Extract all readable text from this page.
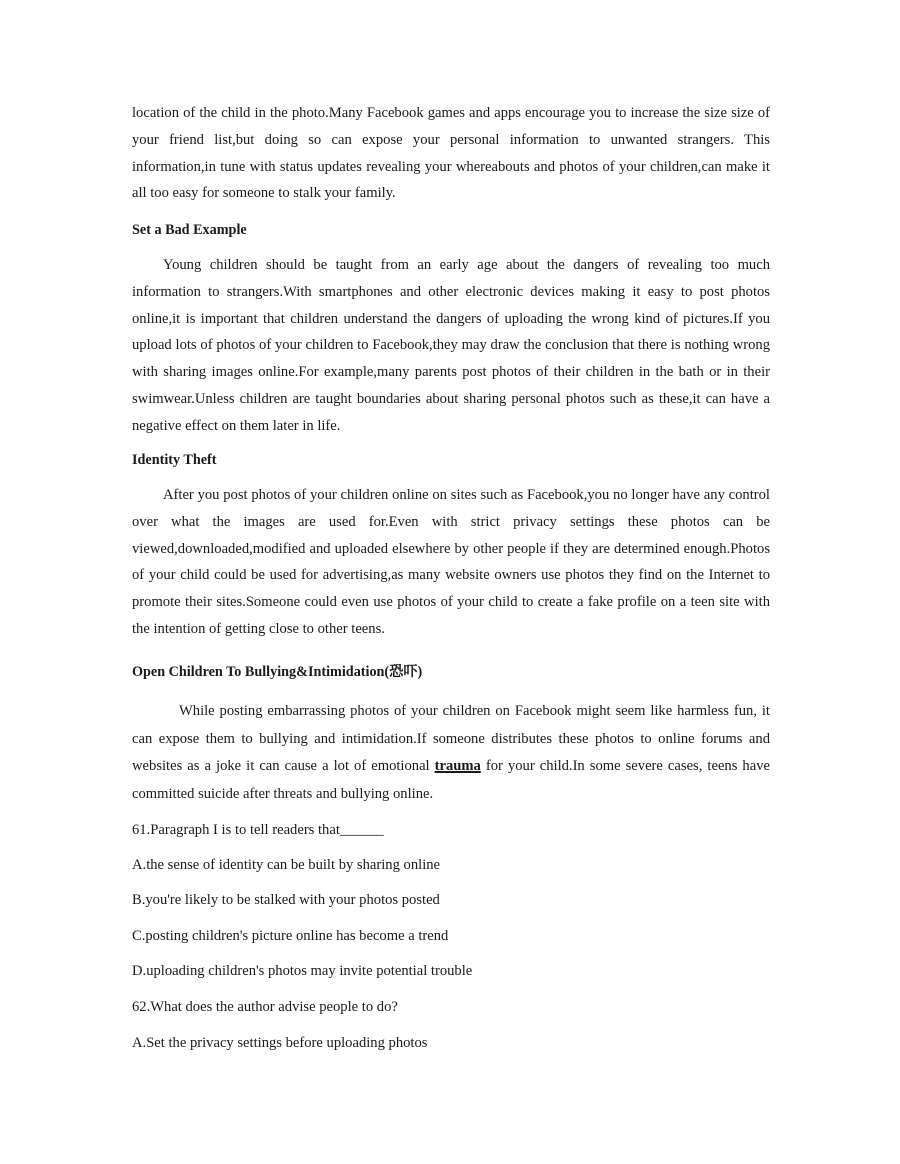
location of the child in the photo.Many Facebook games and apps encourage you to increase the size size of your friend list,but doing so can expose your personal information to unwanted strangers. This information,in tune with status updates revealing your whereabouts and photos of your children,can make it all too easy for someone to stalk your family.
Set a Bad Example
Young children should be taught from an early age about the dangers of revealing too much information to strangers.With smartphones and other electronic devices making it easy to post photos online,it is important that children understand the dangers of uploading the wrong kind of pictures.If you upload lots of photos of your children to Facebook,they may draw the conclusion that there is nothing wrong with sharing images online.For example,many parents post photos of their children in the bath or in their swimwear.Unless children are taught boundaries about sharing personal photos such as these,it can have a negative effect on them later in life.
Identity Theft
After you post photos of your children online on sites such as Facebook,you no longer have any control over what the images are used for.Even with strict privacy settings these photos can be viewed,downloaded,modified and uploaded elsewhere by other people if they are determined enough.Photos of your child could be used for advertising,as many website owners use photos they find on the Internet to promote their sites.Someone could even use photos of your child to create a fake profile on a teen site with the intention of getting close to other teens.
Open Children To Bullying&Intimidation(恐吓)
While posting embarrassing photos of your children on Facebook might seem like harmless fun, it can expose them to bullying and intimidation.If someone distributes these photos to online forums and websites as a joke it can cause a lot of emotional trauma for your child.In some severe cases, teens have committed suicide after threats and bullying online.
61.Paragraph I is to tell readers that______
A.the sense of identity can be built by sharing online
B.you're likely to be stalked with your photos posted
C.posting children's picture online has become a trend
D.uploading children's photos may invite potential trouble
62.What does the author advise people to do?
A.Set the privacy settings before uploading photos
